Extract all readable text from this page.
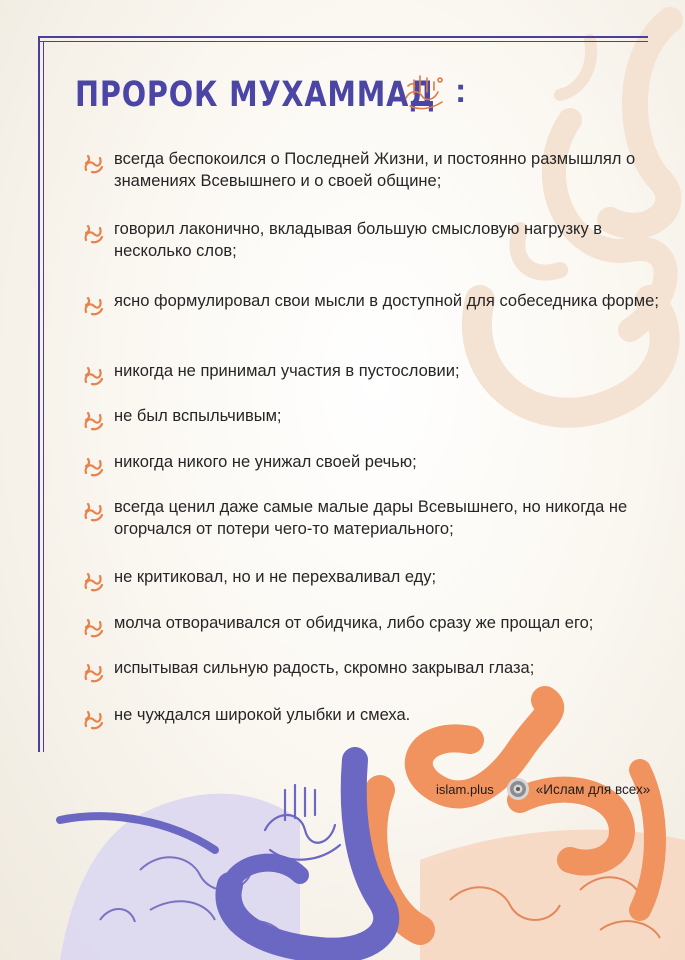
ПРОРОК МУХАММАД :
всегда беспокоился о Последней Жизни, и постоянно размышлял о знамениях Всевышнего и о своей общине;
говорил лаконично, вкладывая большую смысловую нагрузку в несколько слов;
ясно формулировал свои мысли в доступной для собеседника форме;
никогда не принимал участия в пустословии;
не был вспыльчивым;
никогда никого не унижал своей речью;
всегда ценил даже самые малые дары Всевышнего, но никогда не огорчался от потери чего-то материального;
не критиковал, но и не перехваливал еду;
молча отворачивался от обидчика, либо сразу же прощал его;
испытывая сильную радость, скромно закрывал глаза;
не чуждался широкой улыбки и смеха.
islam.plus	«Ислам для всех»
